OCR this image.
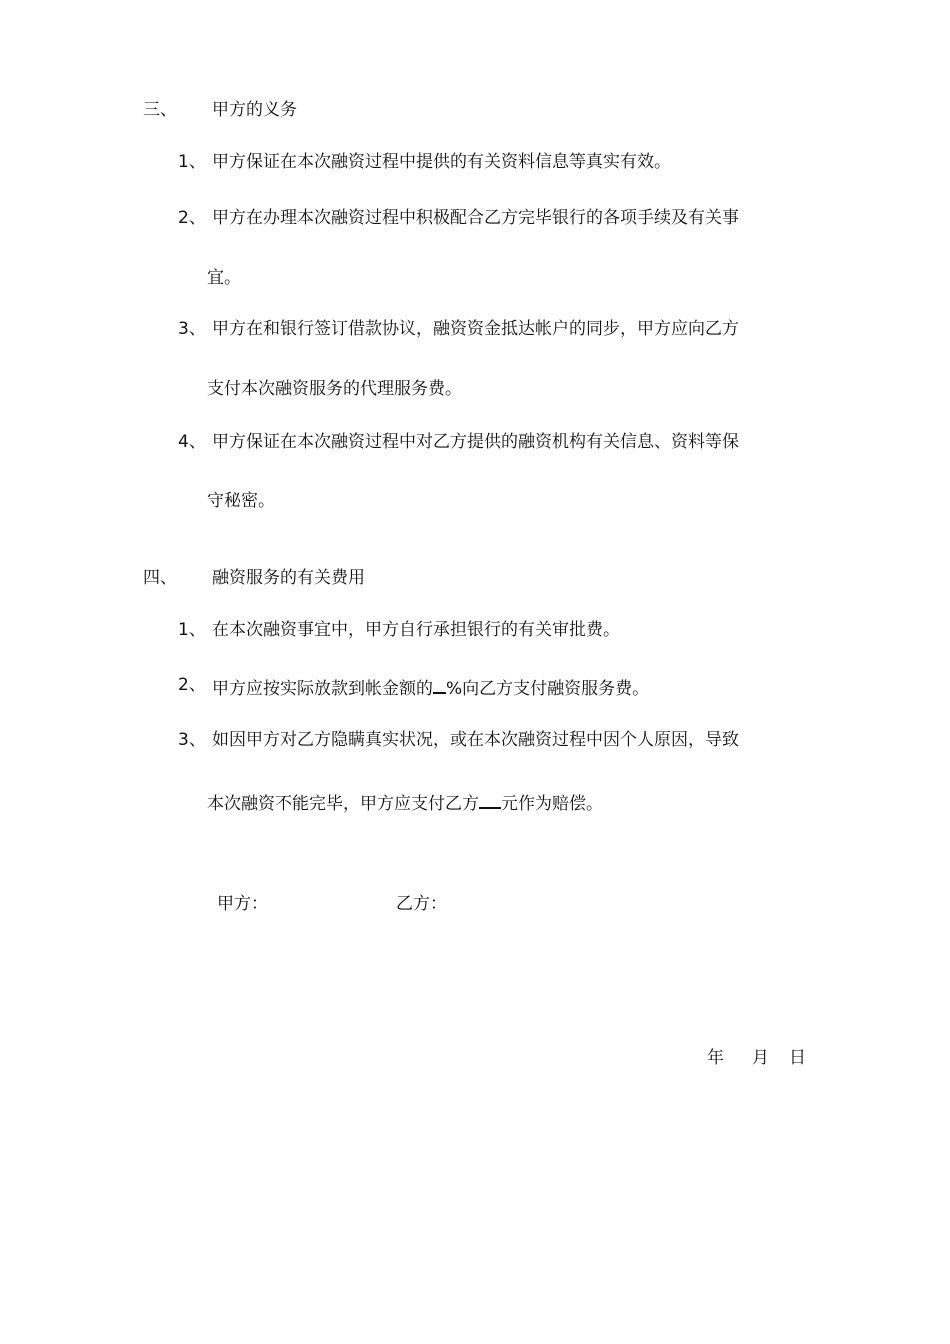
三、 甲方的义务
1、 甲方保证在本次融资过程中提供的有关资料信息等真实有效。
2、 甲方在办理本次融资过程中积极配合乙方完毕银行的各项手续及有关事
宜。
3、 甲方在和银行签订借款协议，融资资金抵达帐户的同步，甲方应向乙方
支付本次融资服务的代理服务费。
4、 甲方保证在本次融资过程中对乙方提供的融资机构有关信息、资料等保
守秘密。
四、 融资服务的有关费用
1、 在本次融资事宜中，甲方自行承担银行的有关审批费。
2、 甲方应按实际放款到帐金额的 %向乙方支付融资服务费。
3、 如因甲方对乙方隐瞒真实状况，或在本次融资过程中因个人原因，导致
本次融资不能完毕，甲方应支付乙方 元作为赔偿。
甲方：	乙方：
年 月 日
